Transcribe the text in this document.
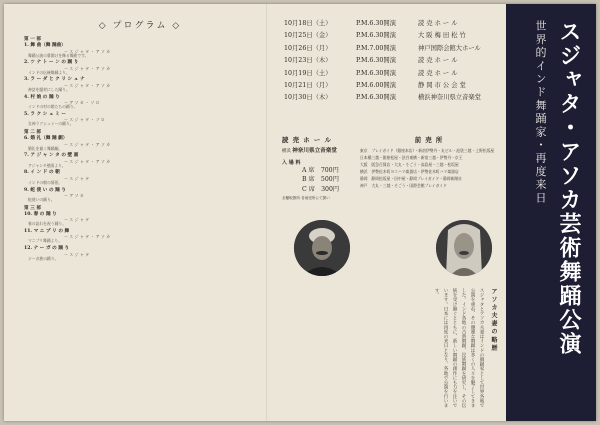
◇ プログラム ◇
第 一 部
1. 舞 曲（舞 踊曲）
ー ス ジ ャ タ ・ ア ソ カ
舞踊公演の幕開けを飾る舞曲です。
2. ツ ナ ト ー ン の 踊 り
ー ス ジ ャ タ ・ ア ソ カ
インドの伝統舞踊より。
3. ラ ー ダ と ク リ シ ュ ナ
ー ス ジ ャ タ ・ ア ソ カ
神話を題材にした踊り。
4. 村 娘 の 踊 り
ー ア ソ カ ・ ソ ロ
インドの村の娘たちの踊り。
5. ラ ク シ ュ ミ ー
ー ス ジ ャ タ ・ ソ ロ
女神ラクシュミーの踊り。
第 二 部
6. 婚 礼（舞 踊 劇）
ー ス ジ ャ タ ・ ア ソ カ
婚礼を描く舞踊劇。
7. ア ジ ャ ン タ の 壁 画
ー ス ジ ャ タ ・ ア ソ カ
アジャンタ壁画より。
8. イ ン ド の 朝
ー ス ジ ャ タ
インドの朝の情景。
9. 蛇 使 い の 踊 り
ー ア ソ カ
蛇使いの踊り。
第 三 部
10. 春 の 踊 り
ー ス ジ ャ タ
春の訪れを祝う踊り。
11. マ ニ プ リ の 舞
ー ス ジ ャ タ ・ ア ソ カ
マニプリ舞踊より。
12. ナ ー ガ の 踊 り
ー ス ジ ャ タ
ナーガ族の踊り。
10月18日（土）	P.M.6.30開演	読 売 ホ ー ル
10月25日（金）	P.M.6.30開演	大 阪 梅 田 松 竹
10月26日（月）	P.M.7.00開演	神戸国際会館大ホール
10月23日（木）	P.M.6.30開演	読 売 ホ ー ル
10月19日（土）	P.M.6.30開演	読 売 ホ ー ル
10月21日（月）	P.M.6.00開演	静 岡 市 公 会 堂
10月30日（木）	P.M.6.30開演	横浜神奈川県立音楽堂
読 売 ホ ー ル
横浜 神奈川県立音楽堂
入 場 料
A 席　 700円
B 席　 500円
C 席　 300円
全額取扱所 各前売所にて扱い
前 売 所

東京　プレイガイド（銀座本店）・新宿伊勢丹・丸ビル・池袋三越・上野松坂屋

日本橋三越・銀座松屋・渋谷東横・新宿三越・伊勢丹・京王

大阪　阪急百貨店・大丸・そごう・高島屋・三越・松坂屋

横浜　伊勢佐木町ヨコハマ楽器店・伊勢佐木町ハマ楽器店

静岡　静岡松坂屋・田中屋・静岡プレイガイド・静岡新聞社

神戸　大丸・三越・そごう・国際会館プレイガイド

ア ソ カ 夫 妻 の 略 歴
スジャタとアソカ夫妻はインドの舞踊家として世界各地で公演を重ね、その優雅な舞踊は多くの人々を魅了してきました。インド各地の古典舞踊、民族舞踊を研究し、その伝統を受け継ぐとともに、新しい舞踊の創作にも力を注いでいます。日本には再度の来日となり、各地で公演を行います。
世界的インド舞踊家・再度来日 スジャタ・アソカ芸術舞踊公演
